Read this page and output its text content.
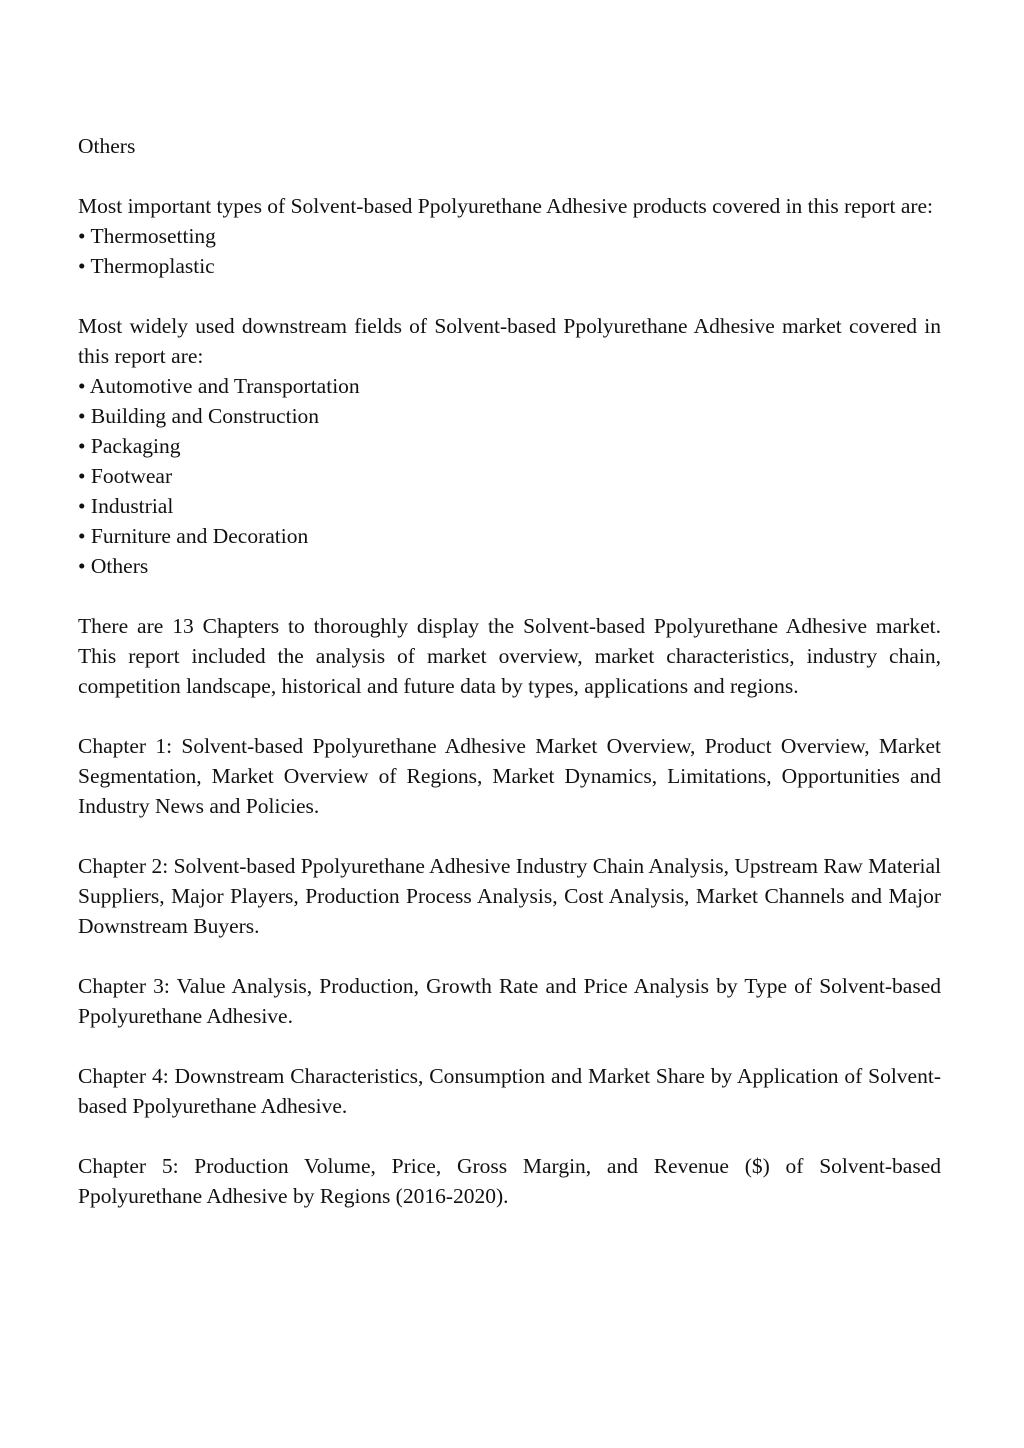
Others

Most important types of Solvent-based Ppolyurethane Adhesive products covered in this report are:
• Thermosetting
• Thermoplastic
Most widely used downstream fields of Solvent-based Ppolyurethane Adhesive market covered in this report are:
• Automotive and Transportation
• Building and Construction
• Packaging
• Footwear
• Industrial
• Furniture and Decoration
• Others

There are 13 Chapters to thoroughly display the Solvent-based Ppolyurethane Adhesive market. This report included the analysis of market overview, market characteristics, industry chain, competition landscape, historical and future data by types, applications and regions.

Chapter 1: Solvent-based Ppolyurethane Adhesive Market Overview, Product Overview, Market Segmentation, Market Overview of Regions, Market Dynamics, Limitations, Opportunities and Industry News and Policies.

Chapter 2: Solvent-based Ppolyurethane Adhesive Industry Chain Analysis, Upstream Raw Material Suppliers, Major Players, Production Process Analysis, Cost Analysis, Market Channels and Major Downstream Buyers.

Chapter 3: Value Analysis, Production, Growth Rate and Price Analysis by Type of Solvent-based Ppolyurethane Adhesive.

Chapter 4: Downstream Characteristics, Consumption and Market Share by Application of Solvent-based Ppolyurethane Adhesive.

Chapter 5: Production Volume, Price, Gross Margin, and Revenue ($) of Solvent-based Ppolyurethane Adhesive by Regions (2016-2020).
